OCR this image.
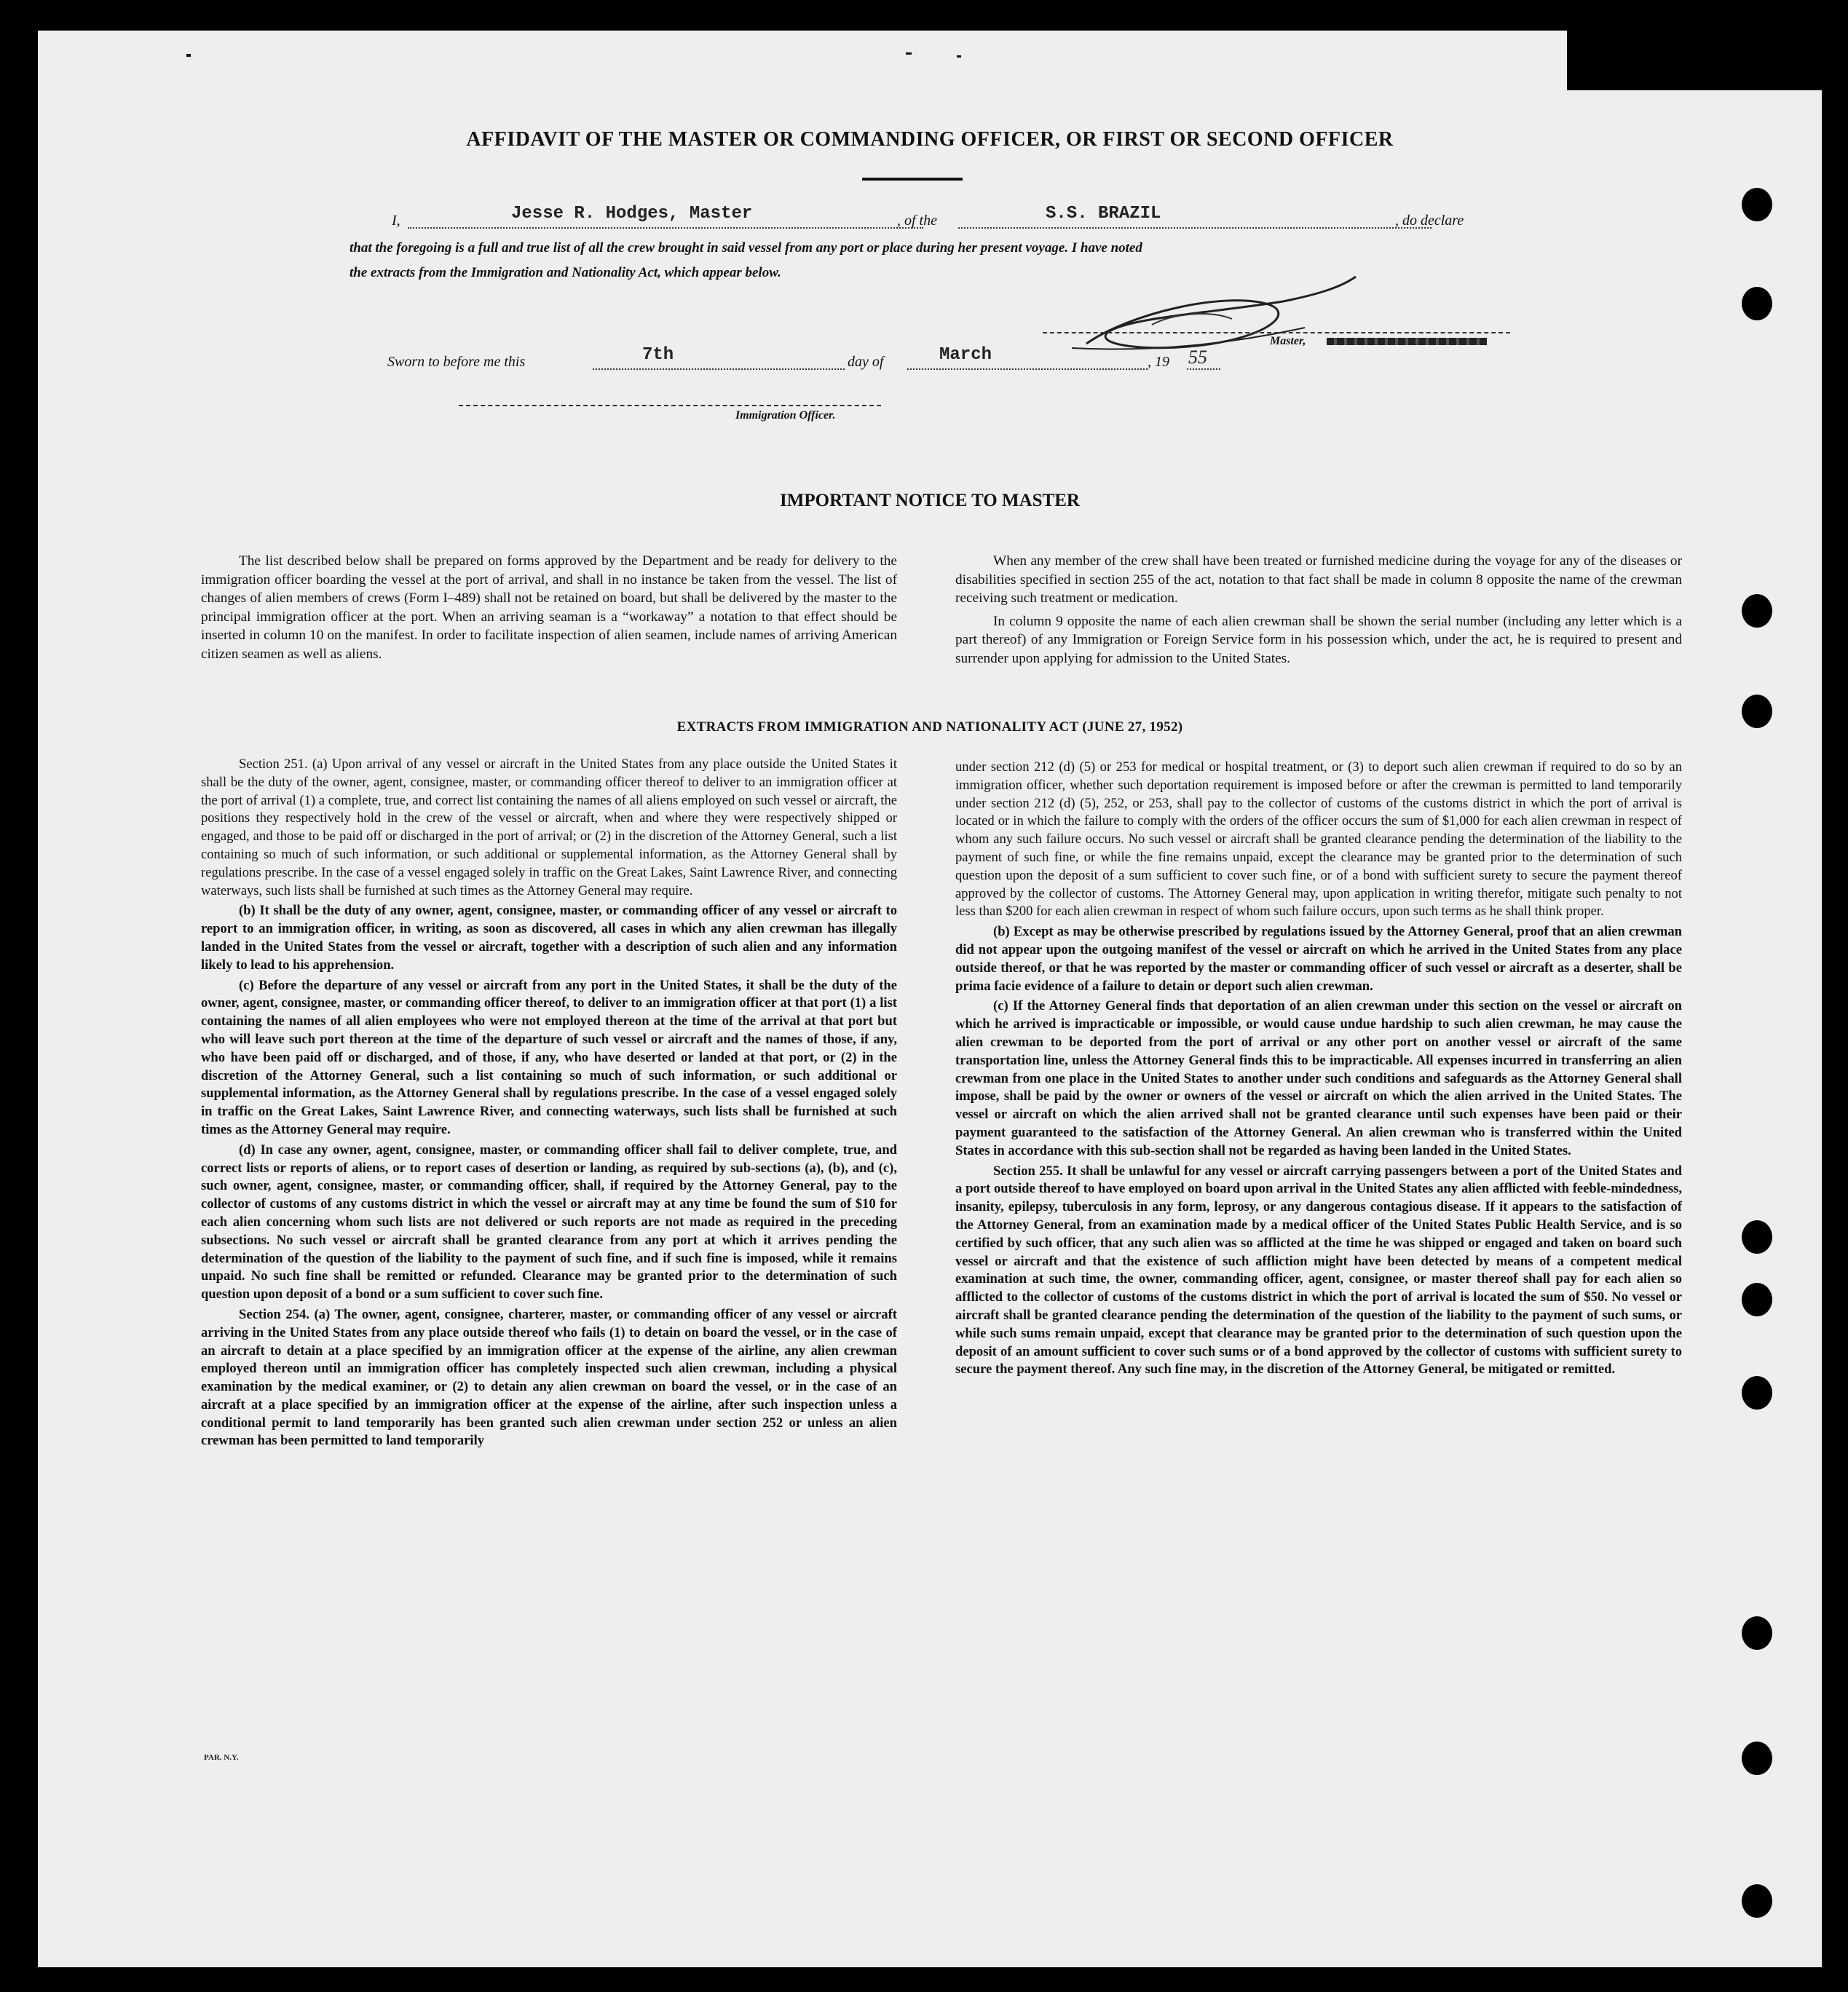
AFFIDAVIT OF THE MASTER OR COMMANDING OFFICER, OR FIRST OR SECOND OFFICER
I,	Jesse R. Hodges, Master	, of the	S.S. BRAZIL	, do declare
that the foregoing is a full and true list of all the crew brought in said vessel from any port or place during her present voyage. I have noted
the extracts from the Immigration and Nationality Act, which appear below.
Master,
Sworn to before me this	7th	day of	March	, 19 55
Immigration Officer.
IMPORTANT NOTICE TO MASTER

The list described below shall be prepared on forms approved by the Department and be ready for delivery to the immigration officer boarding the vessel at the port of arrival, and shall in no instance be taken from the vessel. The list of changes of alien members of crews (Form I–489) shall not be retained on board, but shall be delivered by the master to the principal immigration officer at the port. When an arriving seaman is a “workaway” a notation to that effect should be inserted in column 10 on the manifest. In order to facilitate inspection of alien seamen, include names of arriving American citizen seamen as well as aliens.

When any member of the crew shall have been treated or furnished medicine during the voyage for any of the diseases or disabilities specified in section 255 of the act, notation to that fact shall be made in column 8 opposite the name of the crewman receiving such treatment or medication.

In column 9 opposite the name of each alien crewman shall be shown the serial number (including any letter which is a part thereof) of any Immigration or Foreign Service form in his possession which, under the act, he is required to present and surrender upon applying for admission to the United States.

EXTRACTS FROM IMMIGRATION AND NATIONALITY ACT (JUNE 27, 1952)

Section 251. (a) Upon arrival of any vessel or aircraft in the United States from any place outside the United States it shall be the duty of the owner, agent, consignee, master, or commanding officer thereof to deliver to an immigration officer at the port of arrival (1) a complete, true, and correct list containing the names of all aliens employed on such vessel or aircraft, the positions they respectively hold in the crew of the vessel or aircraft, when and where they were respectively shipped or engaged, and those to be paid off or discharged in the port of arrival; or (2) in the discretion of the Attorney General, such a list containing so much of such information, or such additional or supplemental information, as the Attorney General shall by regulations prescribe. In the case of a vessel engaged solely in traffic on the Great Lakes, Saint Lawrence River, and connecting waterways, such lists shall be furnished at such times as the Attorney General may require.

(b) It shall be the duty of any owner, agent, consignee, master, or commanding officer of any vessel or aircraft to report to an immigration officer, in writing, as soon as discovered, all cases in which any alien crewman has illegally landed in the United States from the vessel or aircraft, together with a description of such alien and any information likely to lead to his apprehension.

(c) Before the departure of any vessel or aircraft from any port in the United States, it shall be the duty of the owner, agent, consignee, master, or commanding officer thereof, to deliver to an immigration officer at that port (1) a list containing the names of all alien employees who were not employed thereon at the time of the arrival at that port but who will leave such port thereon at the time of the departure of such vessel or aircraft and the names of those, if any, who have been paid off or discharged, and of those, if any, who have deserted or landed at that port, or (2) in the discretion of the Attorney General, such a list containing so much of such information, or such additional or supplemental information, as the Attorney General shall by regulations prescribe. In the case of a vessel engaged solely in traffic on the Great Lakes, Saint Lawrence River, and connecting waterways, such lists shall be furnished at such times as the Attorney General may require.

(d) In case any owner, agent, consignee, master, or commanding officer shall fail to deliver complete, true, and correct lists or reports of aliens, or to report cases of desertion or landing, as required by sub-sections (a), (b), and (c), such owner, agent, consignee, master, or commanding officer, shall, if required by the Attorney General, pay to the collector of customs of any customs district in which the vessel or aircraft may at any time be found the sum of $10 for each alien concerning whom such lists are not delivered or such reports are not made as required in the preceding subsections. No such vessel or aircraft shall be granted clearance from any port at which it arrives pending the determination of the question of the liability to the payment of such fine, and if such fine is imposed, while it remains unpaid. No such fine shall be remitted or refunded. Clearance may be granted prior to the determination of such question upon deposit of a bond or a sum sufficient to cover such fine.

Section 254. (a) The owner, agent, consignee, charterer, master, or commanding officer of any vessel or aircraft arriving in the United States from any place outside thereof who fails (1) to detain on board the vessel, or in the case of an aircraft to detain at a place specified by an immigration officer at the expense of the airline, any alien crewman employed thereon until an immigration officer has completely inspected such alien crewman, including a physical examination by the medical examiner, or (2) to detain any alien crewman on board the vessel, or in the case of an aircraft at a place specified by an immigration officer at the expense of the airline, after such inspection unless a conditional permit to land temporarily has been granted such alien crewman under section 252 or unless an alien crewman has been permitted to land temporarily

under section 212 (d) (5) or 253 for medical or hospital treatment, or (3) to deport such alien crewman if required to do so by an immigration officer, whether such deportation requirement is imposed before or after the crewman is permitted to land temporarily under section 212 (d) (5), 252, or 253, shall pay to the collector of customs of the customs district in which the port of arrival is located or in which the failure to comply with the orders of the officer occurs the sum of $1,000 for each alien crewman in respect of whom any such failure occurs. No such vessel or aircraft shall be granted clearance pending the determination of the liability to the payment of such fine, or while the fine remains unpaid, except the clearance may be granted prior to the determination of such question upon the deposit of a sum sufficient to cover such fine, or of a bond with sufficient surety to secure the payment thereof approved by the collector of customs. The Attorney General may, upon application in writing therefor, mitigate such penalty to not less than $200 for each alien crewman in respect of whom such failure occurs, upon such terms as he shall think proper.

(b) Except as may be otherwise prescribed by regulations issued by the Attorney General, proof that an alien crewman did not appear upon the outgoing manifest of the vessel or aircraft on which he arrived in the United States from any place outside thereof, or that he was reported by the master or commanding officer of such vessel or aircraft as a deserter, shall be prima facie evidence of a failure to detain or deport such alien crewman.

(c) If the Attorney General finds that deportation of an alien crewman under this section on the vessel or aircraft on which he arrived is impracticable or impossible, or would cause undue hardship to such alien crewman, he may cause the alien crewman to be deported from the port of arrival or any other port on another vessel or aircraft of the same transportation line, unless the Attorney General finds this to be impracticable. All expenses incurred in transferring an alien crewman from one place in the United States to another under such conditions and safeguards as the Attorney General shall impose, shall be paid by the owner or owners of the vessel or aircraft on which the alien arrived in the United States. The vessel or aircraft on which the alien arrived shall not be granted clearance until such expenses have been paid or their payment guaranteed to the satisfaction of the Attorney General. An alien crewman who is transferred within the United States in accordance with this sub-section shall not be regarded as having been landed in the United States.

Section 255. It shall be unlawful for any vessel or aircraft carrying passengers between a port of the United States and a port outside thereof to have employed on board upon arrival in the United States any alien afflicted with feeble-mindedness, insanity, epilepsy, tuberculosis in any form, leprosy, or any dangerous contagious disease. If it appears to the satisfaction of the Attorney General, from an examination made by a medical officer of the United States Public Health Service, and is so certified by such officer, that any such alien was so afflicted at the time he was shipped or engaged and taken on board such vessel or aircraft and that the existence of such affliction might have been detected by means of a competent medical examination at such time, the owner, commanding officer, agent, consignee, or master thereof shall pay for each alien so afflicted to the collector of customs of the customs district in which the port of arrival is located the sum of $50. No vessel or aircraft shall be granted clearance pending the determination of the question of the liability to the payment of such sums, or while such sums remain unpaid, except that clearance may be granted prior to the determination of such question upon the deposit of an amount sufficient to cover such sums or of a bond approved by the collector of customs with sufficient surety to secure the payment thereof. Any such fine may, in the discretion of the Attorney General, be mitigated or remitted.

PAR. N.Y.
